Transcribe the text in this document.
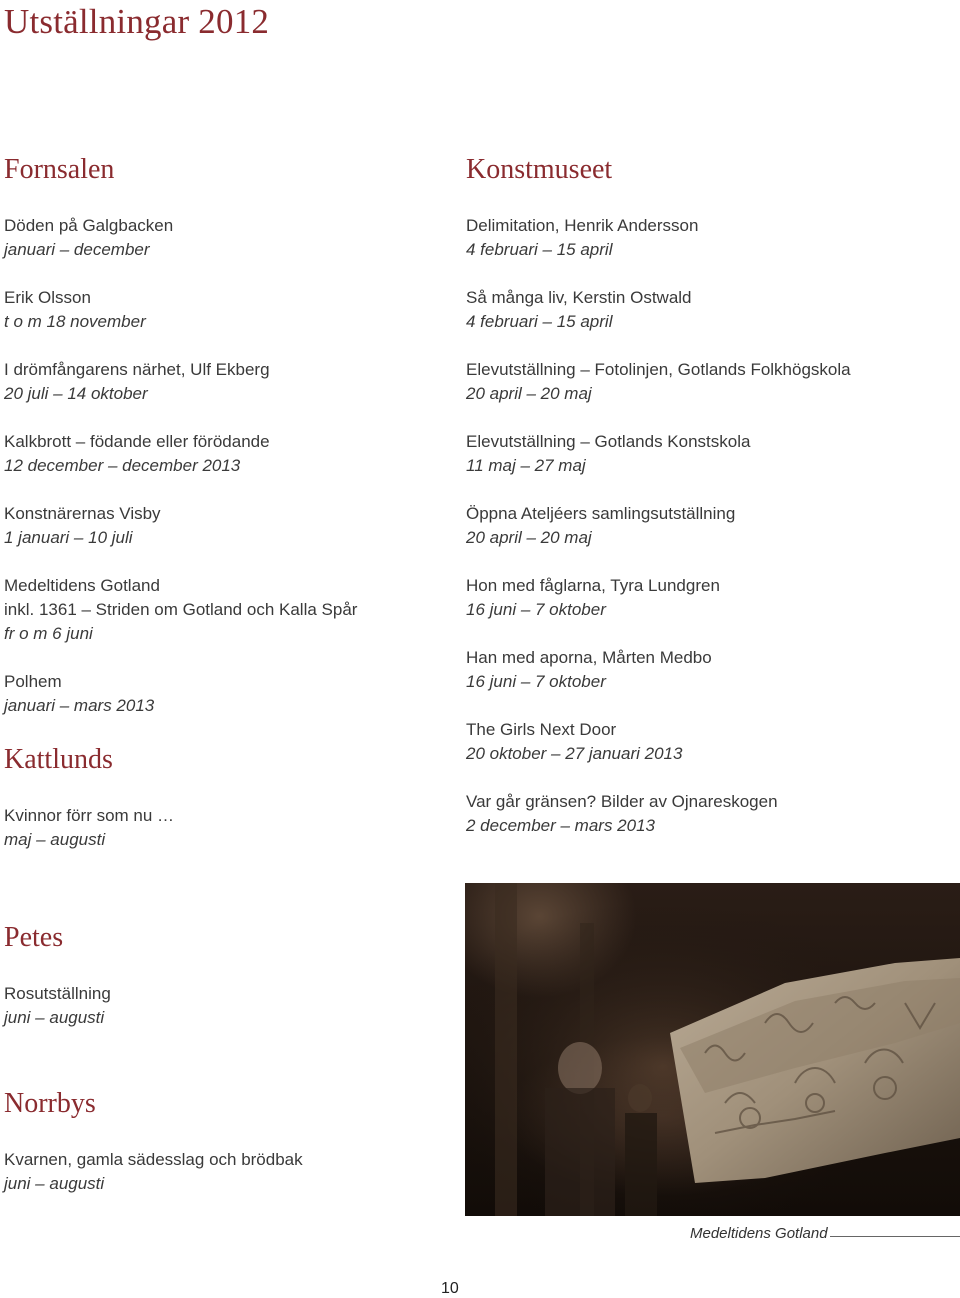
Utställningar 2012
Fornsalen
Döden på Galgbacken
januari – december
Erik Olsson
t o m 18 november
I drömfångarens närhet, Ulf Ekberg
20 juli – 14 oktober
Kalkbrott – födande eller förödande
12 december – december 2013
Konstnärernas Visby
1 januari – 10 juli
Medeltidens Gotland
inkl. 1361 – Striden om Gotland och Kalla Spår
fr o m 6 juni
Polhem
januari – mars 2013
Kattlunds
Kvinnor förr som nu …
maj – augusti
Konstmuseet
Delimitation, Henrik Andersson
4 februari – 15 april
Så många liv, Kerstin Ostwald
4 februari – 15 april
Elevutställning – Fotolinjen, Gotlands Folkhögskola
20 april – 20 maj
Elevutställning – Gotlands Konstskola
11 maj – 27 maj
Öppna Ateljéers samlingsutställning
20 april – 20 maj
Hon med fåglarna, Tyra Lundgren
16 juni – 7 oktober
Han med aporna, Mårten Medbo
16 juni – 7 oktober
The Girls Next Door
20 oktober – 27 januari 2013
Var går gränsen? Bilder av Ojnareskogen
2 december – mars 2013
Petes
Rosutställning
juni – augusti
Norrbys
Kvarnen, gamla sädesslag och brödbak
juni – augusti
Medeltidens Gotland
10
